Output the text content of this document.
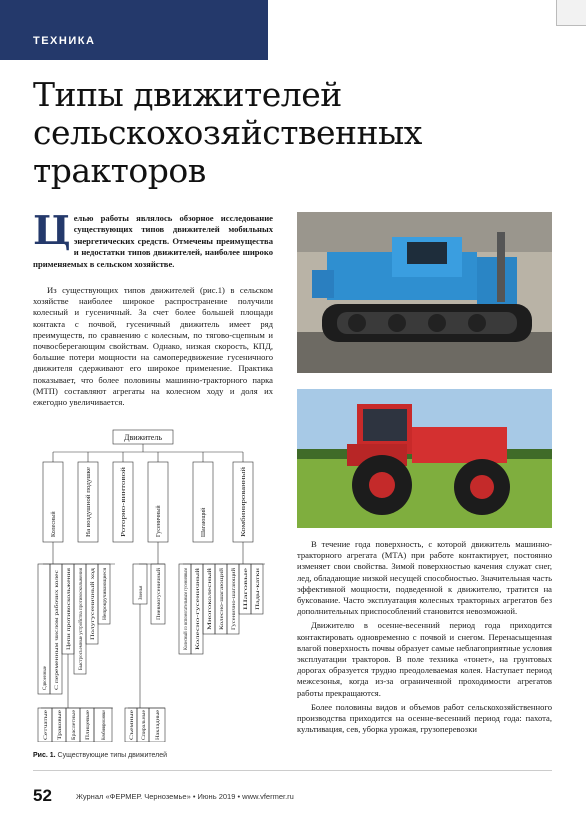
ТЕХНИКА
Типы движителей сельскохозяйственных тракторов
Ц елью работы являлось обзорное исследование существующих типов движителей мобильных энергетических средств. Отмечены преимущества и недостатки типов движителей, наиболее широко применяемых в сельском хозяйстве.

Из существующих типов движителей (рис.1) в сельском хозяйстве наиболее широкое распространение получили колесный и гусеничный. За счет более большей площади контакта с почвой, гусеничный движитель имеет ряд преимуществ, по сравнению с колесным, по тягово-сцепным и почвосберегающим свойствам. Однако, низкая скорость, КПД, большие потери мощности на самопередвижение гусеничного движителя сдерживают его широкое применение. Практика показывает, что более половины машинно-тракторного парка (МТП) составляют агрегаты на колесном ходу и доля их ежегодно увеличивается.

В течение года поверхность, с которой движитель машинно-тракторного агрегата (МТА) при работе контактирует, постоянно изменяет свои свойства. Зимой поверхностью качения служат снег, лед, обладающие низкой несущей способностью. Значительная часть эффективной мощности, подведенной к движителю, тратится на буксование. Часто эксплуатация колесных тракторных агрегатов без дополнительных приспособлений становится невозможной.

Движителю в осенне-весенний период года приходится контактировать одновременно с почвой и снегом. Перенасыщенная влагой поверхность почвы образует самые неблагоприятные условия эксплуатации тракторов. В поле техника «тонет», на грунтовых дорогах образуется трудно преодолеваемая колея. Наступает период межсезонья, когда из-за ограниченной проходимости агрегатов работы прекращаются.

Более половины видов и объемов работ сельскохозяйственного производства приходится на осенне-весенний период года: пахота, культивация, сев, уборка урожая, грузоперевозки

Движитель
Колесный	На воздушной подушке	Роторно-винтовой	Гусеничный	Шагающий	Комбинированный
Сдвоенные С переменным числом рабочих колес Цепи противоскольжения Быстросъемные устройства противоскольжения Полугусеничный ход Непрокручивающиеся
Сетчатые Траковые Браслетные Плицевые Комбинированные
Звенья	Пневмогусеничный
Съемные Спиральные Накладные
Колесный со вспомогательным гусеничным Колесно-гусеничный Многоколесный Колесно-шагающий Гусенично-шагающий Шаговые Пады-катки
Рис. 1. Существующие типы движителей
52	Журнал «ФЕРМЕР. Черноземье» • Июнь 2019 • www.vfermer.ru
